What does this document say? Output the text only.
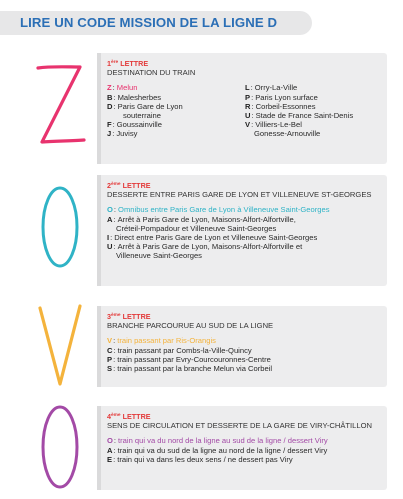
LIRE UN CODE MISSION DE LA LIGNE D
1ère LETTRE
DESTINATION DU TRAIN
Z : Melun
B : Malesherbes
D : Paris Gare de Lyon
souterraine
F : Goussainville
J : Juvisy
L : Orry-La-Ville
P : Paris Lyon surface
R : Corbeil-Essonnes
U : Stade de France Saint-Denis
V : Villiers-Le-Bel
Gonesse-Arnouville
2ème LETTRE
DESSERTE ENTRE PARIS GARE DE LYON ET VILLENEUVE ST-GEORGES
O : Omnibus entre Paris Gare de Lyon à Villeneuve Saint-Georges
A : Arrêt à Paris Gare de Lyon, Maisons-Alfort-Alfortville,
Créteil-Pompadour et Villeneuve Saint-Georges
I : Direct entre Paris Gare de Lyon et Villeneuve Saint-Georges
U : Arrêt à Paris Gare de Lyon, Maisons-Alfort-Alfortville et
Villeneuve Saint-Georges
3ème LETTRE
BRANCHE PARCOURUE AU SUD DE LA LIGNE
V : train passant par Ris-Orangis
C : train passant par Combs-la-Ville-Quincy
P : train passant par Evry-Courcouronnes-Centre
S : train passant par la branche Melun via Corbeil
4ème LETTRE
SENS DE CIRCULATION ET DESSERTE DE LA GARE DE VIRY-CHÂTILLON
O : train qui va du nord de la ligne au sud de la ligne / dessert Viry
A : train qui va du sud de la ligne au nord de la ligne / dessert Viry
E : train qui va dans les deux sens / ne dessert pas Viry
